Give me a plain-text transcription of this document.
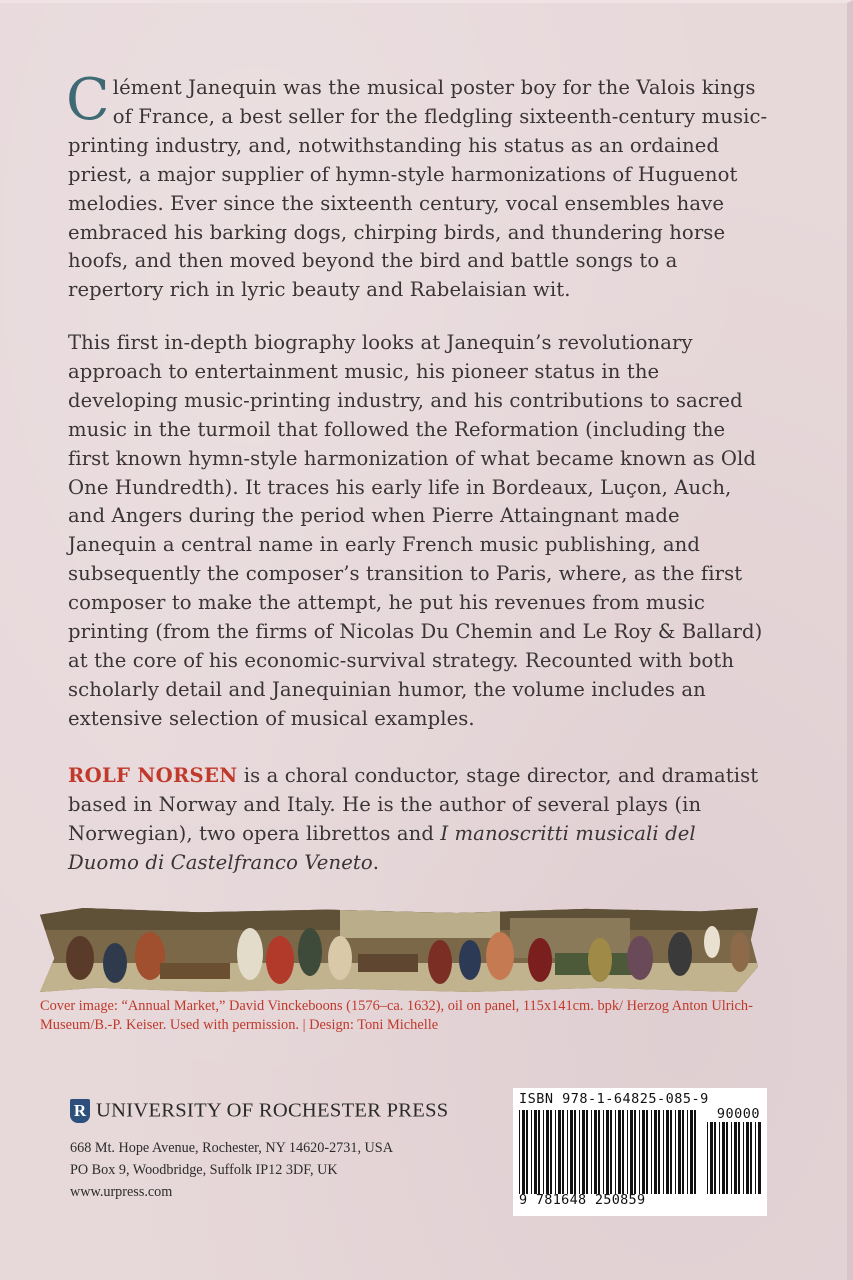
Clément Janequin was the musical poster boy for the Valois kings of France, a best seller for the fledgling sixteenth-century music-printing industry, and, notwithstanding his status as an ordained priest, a major supplier of hymn-style harmonizations of Huguenot melodies. Ever since the sixteenth century, vocal ensembles have embraced his barking dogs, chirping birds, and thundering horse hoofs, and then moved beyond the bird and battle songs to a repertory rich in lyric beauty and Rabelaisian wit.
This first in-depth biography looks at Janequin’s revolutionary approach to entertainment music, his pioneer status in the developing music-printing industry, and his contributions to sacred music in the turmoil that followed the Reformation (including the first known hymn-style harmonization of what became known as Old One Hundredth). It traces his early life in Bordeaux, Luçon, Auch, and Angers during the period when Pierre Attaingnant made Janequin a central name in early French music publishing, and subsequently the composer’s transition to Paris, where, as the first composer to make the attempt, he put his revenues from music printing (from the firms of Nicolas Du Chemin and Le Roy & Ballard) at the core of his economic-survival strategy. Recounted with both scholarly detail and Janequinian humor, the volume includes an extensive selection of musical examples.
ROLF NORSEN is a choral conductor, stage director, and dramatist based in Norway and Italy. He is the author of several plays (in Norwegian), two opera librettos and I manoscritti musicali del Duomo di Castelfranco Veneto.
Cover image: “Annual Market,” David Vinckeboons (1576–ca. 1632), oil on panel, 115x141cm. bpk/ Herzog Anton Ulrich-Museum/B.-P. Keiser. Used with permission. | Design: Toni Michelle
R UNIVERSITY OF ROCHESTER PRESS
668 Mt. Hope Avenue, Rochester, NY 14620-2731, USA
PO Box 9, Woodbridge, Suffolk IP12 3DF, UK
www.urpress.com
ISBN 978-1-64825-085-9
90000
9 781648 250859
